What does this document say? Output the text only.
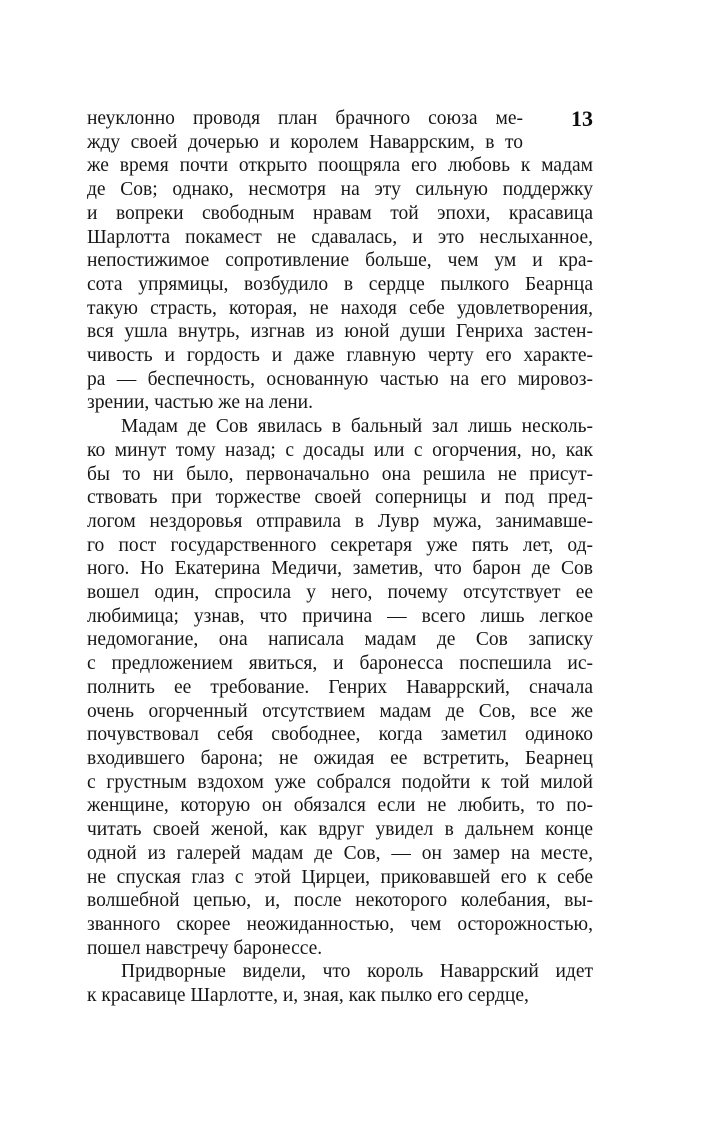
13

неуклонно проводя план брачного союза ме-
жду своей дочерью и королем Наваррским, в то
же время почти открыто поощряла его любовь к мадам
де Сов; однако, несмотря на эту сильную поддержку
и вопреки свободным нравам той эпохи, красавица
Шарлотта покамест не сдавалась, и это неслыханное,
непостижимое сопротивление больше, чем ум и кра-
сота упрямицы, возбудило в сердце пылкого Беарнца
такую страсть, которая, не находя себе удовлетворения,
вся ушла внутрь, изгнав из юной души Генриха застен-
чивость и гордость и даже главную черту его характе-
ра — беспечность, основанную частью на его мировоз-
зрении, частью же на лени.

Мадам де Сов явилась в бальный зал лишь несколь-
ко минут тому назад; с досады или с огорчения, но, как
бы то ни было, первоначально она решила не присут-
ствовать при торжестве своей соперницы и под пред-
логом нездоровья отправила в Лувр мужа, занимавше-
го пост государственного секретаря уже пять лет, од-
ного. Но Екатерина Медичи, заметив, что барон де Сов
вошел один, спросила у него, почему отсутствует ее
любимица; узнав, что причина — всего лишь легкое
недомогание, она написала мадам де Сов записку
с предложением явиться, и баронесса поспешила ис-
полнить ее требование. Генрих Наваррский, сначала
очень огорченный отсутствием мадам де Сов, все же
почувствовал себя свободнее, когда заметил одиноко
входившего барона; не ожидая ее встретить, Беарнец
с грустным вздохом уже собрался подойти к той милой
женщине, которую он обязался если не любить, то по-
читать своей женой, как вдруг увидел в дальнем конце
одной из галерей мадам де Сов, — он замер на месте,
не спуская глаз с этой Цирцеи, приковавшей его к себе
волшебной цепью, и, после некоторого колебания, вы-
званного скорее неожиданностью, чем осторожностью,
пошел навстречу баронессе.

Придворные видели, что король Наваррский идет
к красавице Шарлотте, и, зная, как пылко его сердце,
